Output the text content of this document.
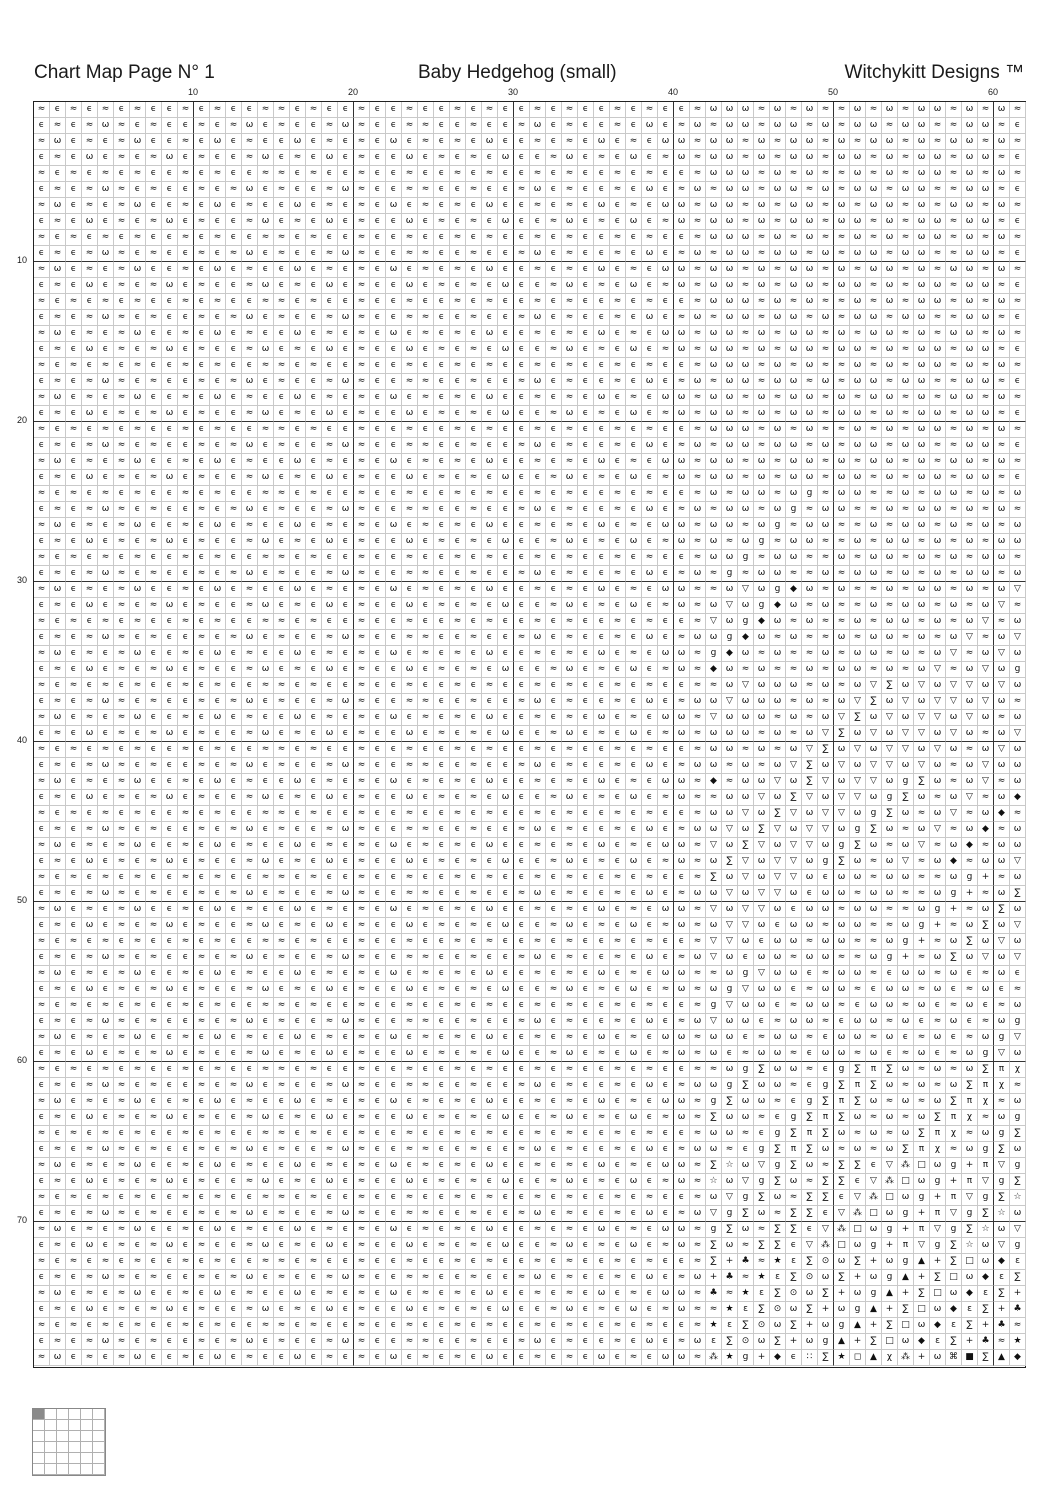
Chart Map Page N° 1	Baby Hedgehog (small)	Witchykitt Designs ™
10	20	30	40	50	60
10
20
30
40
50
60
70
≈	ϵ	≈	ϵ	≈	ϵ	≈	ϵ	ϵ	≈	ϵ	≈	ϵ	ϵ	≈ ≈	ϵ	≈	ϵ	ϵ	≈	ϵ	ϵ	≈	ϵ	ϵ	≈	ϵ	≈	ϵ	ϵ	≈	ϵ	≈	ϵ	ϵ	≈	ϵ	≈	ϵ	ϵ	≈ ω ω ω ≈ ω ≈ ω ≈ ≈ ω ≈ ω ≈ ω ω ≈ ω ≈ ω ≈
ϵ	≈	ϵ	≈ ω ≈	ϵ	≈	ϵ	ϵ	≈	ϵ	≈ ω	ϵ	≈	ϵ	ϵ	≈ ω ≈	ϵ	ϵ	≈ ≈	ϵ	ϵ	≈	ϵ	ϵ	≈ ω	ϵ	≈	ϵ	ϵ	≈	ϵ	ω	ϵ	≈ ω ≈ ω ω ≈ ω ω ≈ ω ≈ ω ω ≈ ω ω ≈ ≈ ω ω ≈	ϵ
≈ ω	ϵ	≈	ϵ	≈ ω	ϵ	ϵ	≈	ϵ	ω	ϵ	≈	ϵ	ϵ	ω	ϵ	≈	ϵ	≈	ϵ	ω	ϵ	≈	ϵ	≈	ϵ	ω	ϵ	ϵ	≈	ϵ	≈	ϵ	ω	ϵ	≈	ϵ	ω ω ≈ ω ω ≈ ω ≈ ω ω ≈ ω ≈ ω ω ≈ ω ≈ ω ω ≈ ω ≈
ϵ	≈	ϵ	ω	ϵ	≈	ϵ	≈ ω	ϵ	≈	ϵ	ϵ	≈ ω	ϵ	≈	ϵ	ω	ϵ	≈	ϵ	ϵ	ω	ϵ	≈	ϵ	≈	ϵ	ω	ϵ	ϵ	≈ ω	ϵ	≈	ϵ	ω	ϵ	≈ ω ≈ ω ω ≈ ω ≈ ω ω ≈ ω ω ≈ ω ≈ ω ω ≈ ω ω ≈	ϵ
≈	ϵ	≈	ϵ	≈	ϵ	≈	ϵ	ϵ	≈	ϵ	≈	ϵ	ϵ	≈ ≈	ϵ	≈	ϵ	ϵ	≈	ϵ	ϵ	≈	ϵ	ϵ	≈	ϵ	≈	ϵ	ϵ	≈	ϵ	≈	ϵ	ϵ	≈	ϵ	≈	ϵ	ϵ	≈ ω ω ω ≈ ω ≈ ω ≈ ≈ ω ≈ ω ≈ ω ω ≈ ω ≈ ω ≈
ϵ	≈	ϵ	≈ ω ≈	ϵ	≈	ϵ	ϵ	≈	ϵ	≈ ω	ϵ	≈	ϵ	ϵ	≈ ω ≈	ϵ	ϵ	≈ ≈	ϵ	ϵ	≈	ϵ	ϵ	≈ ω	ϵ	≈	ϵ	ϵ	≈	ϵ	ω	ϵ	≈ ω ≈ ω ω ≈ ω ω ≈ ω ≈ ω ω ≈ ω ω ≈ ≈ ω ω ≈	ϵ
≈ ω	ϵ	≈	ϵ	≈ ω	ϵ	ϵ	≈	ϵ	ω	ϵ	≈	ϵ	ϵ	ω	ϵ	≈	ϵ	≈	ϵ	ω	ϵ	≈	ϵ	≈	ϵ	ω	ϵ	ϵ	≈	ϵ	≈	ϵ	ω	ϵ	≈	ϵ	ω ω ≈ ω ω ≈ ω ≈ ω ω ≈ ω ≈ ω ω ≈ ω ≈ ω ω ≈ ω ≈
ϵ	≈	ϵ	ω	ϵ	≈	ϵ	≈ ω	ϵ	≈	ϵ	ϵ	≈ ω	ϵ	≈	ϵ	ω	ϵ	≈	ϵ	ϵ	ω	ϵ	≈	ϵ	≈	ϵ	ω	ϵ	ϵ	≈ ω	ϵ	≈	ϵ	ω	ϵ	≈ ω ≈ ω ω ≈ ω ≈ ω ω ≈ ω ω ≈ ω ≈ ω ω ≈ ω ω ≈	ϵ
≈	ϵ	≈	ϵ	≈	ϵ	≈	ϵ	ϵ	≈	ϵ	≈	ϵ	ϵ	≈ ≈	ϵ	≈	ϵ	ϵ	≈	ϵ	ϵ	≈	ϵ	ϵ	≈	ϵ	≈	ϵ	ϵ	≈	ϵ	≈	ϵ	ϵ	≈	ϵ	≈	ϵ	ϵ	≈ ω ω ω ≈ ω ≈ ω ≈ ≈ ω ≈ ω ≈ ω ω ≈ ω ≈ ω ≈
ϵ	≈	ϵ	≈ ω ≈	ϵ	≈	ϵ	ϵ	≈	ϵ	≈ ω	ϵ	≈	ϵ	ϵ	≈ ω ≈	ϵ	ϵ	≈ ≈	ϵ	ϵ	≈	ϵ	ϵ	≈ ω	ϵ	≈	ϵ	ϵ	≈	ϵ	ω	ϵ	≈ ω ≈ ω ω ≈ ω ω ≈ ω ≈ ω ω ≈ ω ω ≈ ≈ ω ω ≈	ϵ
≈ ω	ϵ	≈	ϵ	≈ ω	ϵ	ϵ	≈	ϵ	ω	ϵ	≈	ϵ	ϵ	ω	ϵ	≈	ϵ	≈	ϵ	ω	ϵ	≈	ϵ	≈	ϵ	ω	ϵ	ϵ	≈	ϵ	≈	ϵ	ω	ϵ	≈	ϵ	ω ω ≈ ω ω ≈ ω ≈ ω ω ≈ ω ≈ ω ω ≈ ω ≈ ω ω ≈ ω ≈
ϵ	≈	ϵ	ω	ϵ	≈	ϵ	≈ ω	ϵ	≈	ϵ	ϵ	≈ ω	ϵ	≈	ϵ	ω	ϵ	≈	ϵ	ϵ	ω	ϵ	≈	ϵ	≈	ϵ	ω	ϵ	ϵ	≈ ω	ϵ	≈	ϵ	ω	ϵ	≈ ω ≈ ω ω ≈ ω ≈ ω ω ≈ ω ω ≈ ω ≈ ω ω ≈ ω ω ≈	ϵ
≈	ϵ	≈	ϵ	≈	ϵ	≈	ϵ	ϵ	≈	ϵ	≈	ϵ	ϵ	≈ ≈	ϵ	≈	ϵ	ϵ	≈	ϵ	ϵ	≈	ϵ	ϵ	≈	ϵ	≈	ϵ	ϵ	≈	ϵ	≈	ϵ	ϵ	≈	ϵ	≈	ϵ	ϵ	≈ ω ω ω ≈ ω ≈ ω ≈ ≈ ω ≈ ω ≈ ω ω ≈ ω ≈ ω ≈
ϵ	≈	ϵ	≈ ω ≈	ϵ	≈	ϵ	ϵ	≈	ϵ	≈ ω	ϵ	≈	ϵ	ϵ	≈ ω ≈	ϵ	ϵ	≈ ≈	ϵ	ϵ	≈	ϵ	ϵ	≈ ω	ϵ	≈	ϵ	ϵ	≈	ϵ	ω	ϵ	≈ ω ≈ ω ω ≈ ω ω ≈ ω ≈ ω ω ≈ ω ω ≈ ≈ ω ω ≈	ϵ
≈ ω	ϵ	≈	ϵ	≈ ω	ϵ	ϵ	≈	ϵ	ω	ϵ	≈	ϵ	ϵ	ω	ϵ	≈	ϵ	≈	ϵ	ω	ϵ	≈	ϵ	≈	ϵ	ω	ϵ	ϵ	≈	ϵ	≈	ϵ	ω	ϵ	≈	ϵ	ω ω ≈ ω ω ≈ ω ≈ ω ω ≈ ω ≈ ω ω ≈ ω ≈ ω ω ≈ ω ≈
ϵ	≈	ϵ	ω	ϵ	≈	ϵ	≈ ω	ϵ	≈	ϵ	ϵ	≈ ω	ϵ	≈	ϵ	ω	ϵ	≈	ϵ	ϵ	ω	ϵ	≈	ϵ	≈	ϵ	ω	ϵ	ϵ	≈ ω	ϵ	≈	ϵ	ω	ϵ	≈ ω ≈ ω ω ≈ ω ≈ ω ω ≈ ω ω ≈ ω ≈ ω ω ≈ ω ω ≈	ϵ
≈	ϵ	≈	ϵ	≈	ϵ	≈	ϵ	ϵ	≈	ϵ	≈	ϵ	ϵ	≈ ≈	ϵ	≈	ϵ	ϵ	≈	ϵ	ϵ	≈	ϵ	ϵ	≈	ϵ	≈	ϵ	ϵ	≈	ϵ	≈	ϵ	ϵ	≈	ϵ	≈	ϵ	ϵ	≈ ω ω ω ≈ ω ≈ ω ≈ ≈ ω ≈ ω ≈ ω ω ≈ ω ≈ ω ≈
ϵ	≈	ϵ	≈ ω ≈	ϵ	≈	ϵ	ϵ	≈	ϵ	≈ ω	ϵ	≈	ϵ	ϵ	≈ ω ≈	ϵ	ϵ	≈ ≈	ϵ	ϵ	≈	ϵ	ϵ	≈ ω	ϵ	≈	ϵ	ϵ	≈	ϵ	ω	ϵ	≈ ω ≈ ω ω ≈ ω ω ≈ ω ≈ ω ω ≈ ω ω ≈ ≈ ω ω ≈	ϵ
≈ ω	ϵ	≈	ϵ	≈ ω	ϵ	ϵ	≈	ϵ	ω	ϵ	≈	ϵ	ϵ	ω	ϵ	≈	ϵ	≈	ϵ	ω	ϵ	≈	ϵ	≈	ϵ	ω	ϵ	ϵ	≈	ϵ	≈	ϵ	ω	ϵ	≈	ϵ	ω ω ≈ ω ω ≈ ω ≈ ω ω ≈ ω ≈ ω ω ≈ ω ≈ ω ω ≈ ω ≈
ϵ	≈	ϵ	ω	ϵ	≈	ϵ	≈ ω	ϵ	≈	ϵ	ϵ	≈ ω	ϵ	≈	ϵ	ω	ϵ	≈	ϵ	ϵ	ω	ϵ	≈	ϵ	≈	ϵ	ω	ϵ	ϵ	≈ ω	ϵ	≈	ϵ	ω	ϵ	≈ ω ≈ ω ω ≈ ω ≈ ω ω ≈ ω ω ≈ ω ≈ ω ω ≈ ω ω ≈	ϵ
≈	ϵ	≈	ϵ	≈	ϵ	≈	ϵ	ϵ	≈	ϵ	≈	ϵ	ϵ	≈ ≈	ϵ	≈	ϵ	ϵ	≈	ϵ	ϵ	≈	ϵ	ϵ	≈	ϵ	≈	ϵ	ϵ	≈	ϵ	≈	ϵ	ϵ	≈	ϵ	≈	ϵ	ϵ	≈ ω ω ω ≈ ω ≈ ω ≈ ≈ ω ≈ ω ≈ ω ω ≈ ω ≈ ω ≈
ϵ	≈	ϵ	≈ ω ≈	ϵ	≈	ϵ	ϵ	≈	ϵ	≈ ω	ϵ	≈	ϵ	ϵ	≈ ω ≈	ϵ	ϵ	≈ ≈	ϵ	ϵ	≈	ϵ	ϵ	≈ ω	ϵ	≈	ϵ	ϵ	≈	ϵ	ω	ϵ	≈ ω ≈ ω ω ≈ ω ω ≈ ω ≈ ω ω ≈ ω ω ≈ ≈ ω ω ≈	ϵ
≈ ω	ϵ	≈	ϵ	≈ ω	ϵ	ϵ	≈	ϵ	ω	ϵ	≈	ϵ	ϵ	ω	ϵ	≈	ϵ	≈	ϵ	ω	ϵ	≈	ϵ	≈	ϵ	ω	ϵ	ϵ	≈	ϵ	≈	ϵ	ω	ϵ	≈	ϵ	ω ω ≈ ω ω ≈ ω ≈ ω ω ≈ ω ≈ ω ω ≈ ω ≈ ω ω ≈ ω ≈
ϵ	≈	ϵ	ω	ϵ	≈	ϵ	≈ ω	ϵ	≈	ϵ	ϵ	≈ ω	ϵ	≈	ϵ	ω	ϵ	≈	ϵ	ϵ	ω	ϵ	≈	ϵ	≈	ϵ	ω	ϵ	ϵ	≈ ω	ϵ	≈	ϵ	ω	ϵ	≈ ω ≈ ω ω ≈ ω ≈ ω ω ≈ ω ω ≈ ω ≈ ω ω ≈ ω ω ≈	ϵ
≈	ϵ	≈	ϵ	≈	ϵ	≈	ϵ	ϵ	≈	ϵ	≈	ϵ	ϵ	≈ ≈	ϵ	≈	ϵ	ϵ	≈	ϵ	ϵ	≈	ϵ	ϵ	≈	ϵ	≈	ϵ	ϵ	≈	ϵ	≈	ϵ	ϵ	≈	ϵ	≈	ϵ	ϵ	≈ ω ≈ ω ω ≈ ω	g	≈ ω ω ≈ ≈ ω ≈ ω ω ≈ ω ≈ ω
ϵ	≈	ϵ	≈ ω ≈	ϵ	≈	ϵ	ϵ	≈	ϵ	≈ ω	ϵ	≈	ϵ	ϵ	≈ ω ≈	ϵ	ϵ	≈ ≈	ϵ	ϵ	≈	ϵ	ϵ	≈ ω	ϵ	≈	ϵ	ϵ	≈	ϵ	ω	ϵ	≈ ω ≈ ω ω ≈ ω	g	≈ ω ω ≈ ≈ ω ≈ ω ω ≈ ω ≈ ω ≈
≈ ω	ϵ	≈	ϵ	≈ ω	ϵ	ϵ	≈	ϵ	ω	ϵ	≈	ϵ	ϵ	ω	ϵ	≈	ϵ	≈	ϵ	ω	ϵ	≈	ϵ	≈	ϵ	ω	ϵ	ϵ	≈	ϵ	≈	ϵ	ω	ϵ	≈	ϵ	ω ω ≈ ω ω ≈ ω	g	≈ ω ω ≈ ≈ ω ≈ ω ω ≈ ω ≈ ω ≈ ω
ϵ	≈	ϵ	ω	ϵ	≈	ϵ	≈ ω	ϵ	≈	ϵ	ϵ	≈ ω	ϵ	≈	ϵ	ω	ϵ	≈	ϵ	ϵ	ω	ϵ	≈	ϵ	≈	ϵ	ω	ϵ	ϵ	≈ ω	ϵ	≈	ϵ	ω	ϵ	≈ ω ≈ ω ≈ ω	g	≈ ω ω ≈ ≈ ω ≈ ω ω ≈ ω ≈ ω ≈ ω ω
≈	ϵ	≈	ϵ	≈	ϵ	≈	ϵ	ϵ	≈	ϵ	≈	ϵ	ϵ	≈ ≈	ϵ	≈	ϵ	ϵ	≈	ϵ	ϵ	≈	ϵ	ϵ	≈	ϵ	≈	ϵ	ϵ	≈	ϵ	≈	ϵ	ϵ	≈	ϵ	≈	ϵ	ϵ	≈ ω ω	g	≈ ω ω ≈ ≈ ω ≈ ω ω ≈ ω ≈ ω ≈ ω ω ≈
ϵ	≈	ϵ	≈ ω ≈	ϵ	≈	ϵ	ϵ	≈	ϵ	≈ ω	ϵ	≈	ϵ	ϵ	≈ ω ≈	ϵ	ϵ	≈ ≈	ϵ	ϵ	≈	ϵ	ϵ	≈ ω	ϵ	≈	ϵ	ϵ	≈	ϵ	ω	ϵ	≈ ω ≈	g	≈ ω ω ≈ ≈ ω ≈ ω ω ≈ ω ≈ ω ≈ ω ω ≈ ω
≈ ω	ϵ	≈	ϵ	≈ ω	ϵ	ϵ	≈	ϵ	ω	ϵ	≈	ϵ	ϵ	ω	ϵ	≈	ϵ	≈	ϵ	ω	ϵ	≈	ϵ	≈	ϵ	ω	ϵ	ϵ	≈	ϵ	≈	ϵ	ω	ϵ	≈	ϵ	ω ω ≈ ≈ ω ▽ ω	g	◆ ω ≈ ω ≈ ≈ ω ≈ ω ω ≈ ω ≈ ω ▽
ϵ	≈	ϵ	ω	ϵ	≈	ϵ	≈ ω	ϵ	≈	ϵ	ϵ	≈ ω	ϵ	≈	ϵ	ω	ϵ	≈	ϵ	ϵ	ω	ϵ	≈	ϵ	≈	ϵ	ω	ϵ	ϵ	≈ ω	ϵ	≈	ϵ	ω	ϵ	≈ ω ≈ ω ▽ ω	g	◆ ω ≈ ω ≈ ≈ ω ≈ ω ω ≈ ω ≈ ω ▽ ≈
≈	ϵ	≈	ϵ	≈	ϵ	≈	ϵ	ϵ	≈	ϵ	≈	ϵ	ϵ	≈ ≈	ϵ	≈	ϵ	ϵ	≈	ϵ	ϵ	≈	ϵ	ϵ	≈	ϵ	≈	ϵ	ϵ	≈	ϵ	≈	ϵ	ϵ	≈	ϵ	≈	ϵ	ϵ	≈ ▽ ω	g	◆ ω ≈ ω ≈ ≈ ω ≈ ω ω ≈ ω ≈ ω ▽ ≈ ω
ϵ	≈	ϵ	≈ ω ≈	ϵ	≈	ϵ	ϵ	≈	ϵ	≈ ω	ϵ	≈	ϵ	ϵ	≈ ω ≈	ϵ	ϵ	≈ ≈	ϵ	ϵ	≈	ϵ	ϵ	≈ ω	ϵ	≈	ϵ	ϵ	≈	ϵ	ω	ϵ	≈ ω ω	g	◆ ω ≈ ω ≈ ≈ ω ≈ ω ω ≈ ω ≈ ω ▽ ≈ ω ▽
≈ ω	ϵ	≈	ϵ	≈ ω	ϵ	ϵ	≈	ϵ	ω	ϵ	≈	ϵ	ϵ	ω	ϵ	≈	ϵ	≈	ϵ	ω	ϵ	≈	ϵ	≈	ϵ	ω	ϵ	ϵ	≈	ϵ	≈	ϵ	ω	ϵ	≈	ϵ	ω ω ≈	g	◆ ω ≈ ω ≈ ≈ ω ≈ ω ω ≈ ω ≈ ω ▽ ≈ ω ▽ ω
ϵ	≈	ϵ	ω	ϵ	≈	ϵ	≈ ω	ϵ	≈	ϵ	ϵ	≈ ω	ϵ	≈	ϵ	ω	ϵ	≈	ϵ	ϵ	ω	ϵ	≈	ϵ	≈	ϵ	ω	ϵ	ϵ	≈ ω	ϵ	≈	ϵ	ω	ϵ	≈ ω ≈ ◆ ω ≈ ω ≈ ≈ ω ≈ ω ω ≈ ω ≈ ω ▽ ≈ ω ▽ ω	g
≈	ϵ	≈	ϵ	≈	ϵ	≈	ϵ	ϵ	≈	ϵ	≈	ϵ	ϵ	≈ ≈	ϵ	≈	ϵ	ϵ	≈	ϵ	ϵ	≈	ϵ	ϵ	≈	ϵ	≈	ϵ	ϵ	≈	ϵ	≈	ϵ	ϵ	≈	ϵ	≈	ϵ	ϵ	≈ ≈ ω ▽ ω ω ω ≈ ω ≈ ω ▽	∑	ω ▽ ω ▽	▽ ω ▽ ω
ϵ	≈	ϵ	≈ ω ≈	ϵ	≈	ϵ	ϵ	≈	ϵ	≈ ω	ϵ	≈	ϵ	ϵ	≈ ω ≈	ϵ	ϵ	≈ ≈	ϵ	ϵ	≈	ϵ	ϵ	≈ ω	ϵ	≈	ϵ	ϵ	≈	ϵ	ω	ϵ	≈ ω ω ▽ ω ω ω ≈ ω ≈ ω ▽	∑	ω ▽ ω ▽	▽ ω ▽ ω ≈
≈ ω	ϵ	≈	ϵ	≈ ω	ϵ	ϵ	≈	ϵ	ω	ϵ	≈	ϵ	ϵ	ω	ϵ	≈	ϵ	≈	ϵ	ω	ϵ	≈	ϵ	≈	ϵ	ω	ϵ	ϵ	≈	ϵ	≈	ϵ	ω	ϵ	≈	ϵ	ω ω ≈ ▽ ω ω ω ≈ ω ≈ ω ▽	∑	ω ▽ ω ▽	▽ ω ▽ ω ≈ ω
ϵ	≈	ϵ	ω	ϵ	≈	ϵ	≈ ω	ϵ	≈	ϵ	ϵ	≈ ω	ϵ	≈	ϵ	ω	ϵ	≈	ϵ	ϵ	ω	ϵ	≈	ϵ	≈	ϵ	ω	ϵ	ϵ	≈ ω	ϵ	≈	ϵ	ω	ϵ	≈ ω ≈ ω ω ω ≈ ω ≈ ω ▽	∑	ω ▽ ω ▽	▽ ω ▽ ω ≈ ω ▽
≈	ϵ	≈	ϵ	≈	ϵ	≈	ϵ	ϵ	≈	ϵ	≈	ϵ	ϵ	≈ ≈	ϵ	≈	ϵ	ϵ	≈	ϵ	ϵ	≈	ϵ	ϵ	≈	ϵ	≈	ϵ	ϵ	≈	ϵ	≈	ϵ	ϵ	≈	ϵ	≈	ϵ	ϵ	≈ ω ω ≈ ω ≈ ω ▽	∑	ω ▽ ω ▽	▽ ω ▽ ω ≈ ω ▽ ω
ϵ	≈	ϵ	≈ ω ≈	ϵ	≈	ϵ	ϵ	≈	ϵ	≈ ω	ϵ	≈	ϵ	ϵ	≈ ω ≈	ϵ	ϵ	≈ ≈	ϵ	ϵ	≈	ϵ	ϵ	≈ ω	ϵ	≈	ϵ	ϵ	≈	ϵ	ω	ϵ	≈ ω ω ≈ ω ≈ ω ▽	∑	ω ▽ ω ▽	▽ ω ▽ ω ≈ ω ▽ ω ω
≈ ω	ϵ	≈	ϵ	≈ ω	ϵ	ϵ	≈	ϵ	ω	ϵ	≈	ϵ	ϵ	ω	ϵ	≈	ϵ	≈	ϵ	ω	ϵ	≈	ϵ	≈	ϵ	ω	ϵ	ϵ	≈	ϵ	≈	ϵ	ω	ϵ	≈	ϵ	ω ω ≈ ◆ ≈ ω ω ▽ ω	∑	▽ ω ▽	▽ ω	g	∑	ω ≈ ω ▽ ≈ ω
ϵ	≈	ϵ	ω	ϵ	≈	ϵ	≈ ω	ϵ	≈	ϵ	ϵ	≈ ω	ϵ	≈	ϵ	ω	ϵ	≈	ϵ	ϵ	ω	ϵ	≈	ϵ	≈	ϵ	ω	ϵ	ϵ	≈ ω	ϵ	≈	ϵ	ω	ϵ	≈ ω ≈ ≈ ω ω ▽ ω	∑	▽ ω ▽	▽ ω	g	∑	ω ≈ ω ▽ ≈ ω ◆
≈	ϵ	≈	ϵ	≈	ϵ	≈	ϵ	ϵ	≈	ϵ	≈	ϵ	ϵ	≈ ≈	ϵ	≈	ϵ	ϵ	≈	ϵ	ϵ	≈	ϵ	ϵ	≈	ϵ	≈	ϵ	ϵ	≈	ϵ	≈	ϵ	ϵ	≈	ϵ	≈	ϵ	ϵ	≈ ω ω ▽ ω	∑	▽ ω ▽	▽ ω	g	∑	ω ≈ ω ▽ ≈ ω ◆ ≈
ϵ	≈	ϵ	≈ ω ≈	ϵ	≈	ϵ	ϵ	≈	ϵ	≈ ω	ϵ	≈	ϵ	ϵ	≈ ω ≈	ϵ	ϵ	≈ ≈	ϵ	ϵ	≈	ϵ	ϵ	≈ ω	ϵ	≈	ϵ	ϵ	≈	ϵ	ω	ϵ	≈ ω ω ▽ ω	∑	▽ ω ▽	▽ ω	g	∑	ω ≈ ω ▽ ≈ ω ◆ ≈ ω
≈ ω	ϵ	≈	ϵ	≈ ω	ϵ	ϵ	≈	ϵ	ω	ϵ	≈	ϵ	ϵ	ω	ϵ	≈	ϵ	≈	ϵ	ω	ϵ	≈	ϵ	≈	ϵ	ω	ϵ	ϵ	≈	ϵ	≈	ϵ	ω	ϵ	≈	ϵ	ω ω ≈ ▽ ω	∑	▽ ω ▽	▽ ω	g	∑	ω ≈ ω ▽ ≈ ω ◆ ≈ ω ω
ϵ	≈	ϵ	ω	ϵ	≈	ϵ	≈ ω	ϵ	≈	ϵ	ϵ	≈ ω	ϵ	≈	ϵ	ω	ϵ	≈	ϵ	ϵ	ω	ϵ	≈	ϵ	≈	ϵ	ω	ϵ	ϵ	≈ ω	ϵ	≈	ϵ	ω	ϵ	≈ ω ≈ ω	∑	▽ ω ▽	▽ ω	g	∑	ω ≈ ω ▽ ≈ ω ◆ ≈ ω ω ▽
≈	ϵ	≈	ϵ	≈	ϵ	≈	ϵ	ϵ	≈	ϵ	≈	ϵ	ϵ	≈ ≈	ϵ	≈	ϵ	ϵ	≈	ϵ	ϵ	≈	ϵ	ϵ	≈	ϵ	≈	ϵ	ϵ	≈	ϵ	≈	ϵ	ϵ	≈	ϵ	≈	ϵ	ϵ	≈	∑	ω ▽ ω ▽	▽ ω	ϵ	ω ω ≈ ω ω ≈ ≈ ω	g	+ ≈ ω
ϵ	≈	ϵ	≈ ω ≈	ϵ	≈	ϵ	ϵ	≈	ϵ	≈ ω	ϵ	≈	ϵ	ϵ	≈ ω ≈	ϵ	ϵ	≈ ≈	ϵ	ϵ	≈	ϵ	ϵ	≈ ω	ϵ	≈	ϵ	ϵ	≈	ϵ	ω	ϵ	≈ ω ω ▽ ω ▽	▽ ω	ϵ	ω ω ≈ ω ω ≈ ≈ ω	g	+ ≈ ω	∑
≈ ω	ϵ	≈	ϵ	≈ ω	ϵ	ϵ	≈	ϵ	ω	ϵ	≈	ϵ	ϵ	ω	ϵ	≈	ϵ	≈	ϵ	ω	ϵ	≈	ϵ	≈	ϵ	ω	ϵ	ϵ	≈	ϵ	≈	ϵ	ω	ϵ	≈	ϵ	ω ω ≈ ▽ ω ▽	▽ ω	ϵ	ω ω ≈ ω ω ≈ ≈ ω	g	+ ≈ ω	∑	ω
ϵ	≈	ϵ	ω	ϵ	≈	ϵ	≈ ω	ϵ	≈	ϵ	ϵ	≈ ω	ϵ	≈	ϵ	ω	ϵ	≈	ϵ	ϵ	ω	ϵ	≈	ϵ	≈	ϵ	ω	ϵ	ϵ	≈ ω	ϵ	≈	ϵ	ω	ϵ	≈ ω ≈ ω ▽	▽ ω	ϵ	ω ω ≈ ω ω ≈ ≈ ω	g	+ ≈ ω	∑	ω ▽
≈	ϵ	≈	ϵ	≈	ϵ	≈	ϵ	ϵ	≈	ϵ	≈	ϵ	ϵ	≈ ≈	ϵ	≈	ϵ	ϵ	≈	ϵ	ϵ	≈	ϵ	ϵ	≈	ϵ	≈	ϵ	ϵ	≈	ϵ	≈	ϵ	ϵ	≈	ϵ	≈	ϵ	ϵ	≈ ▽	▽ ω	ϵ	ω ω ≈ ω ω ≈ ≈ ω	g	+ ≈ ω	∑	ω ▽ ω
ϵ	≈	ϵ	≈ ω ≈	ϵ	≈	ϵ	ϵ	≈	ϵ	≈ ω	ϵ	≈	ϵ	ϵ	≈ ω ≈	ϵ	ϵ	≈ ≈	ϵ	ϵ	≈	ϵ	ϵ	≈ ω	ϵ	≈	ϵ	ϵ	≈	ϵ	ω	ϵ	≈ ω ▽ ω	ϵ	ω ω ≈ ω ω ≈ ≈ ω	g	+ ≈ ω	∑	ω ▽ ω ▽
≈ ω	ϵ	≈	ϵ	≈ ω	ϵ	ϵ	≈	ϵ	ω	ϵ	≈	ϵ	ϵ	ω	ϵ	≈	ϵ	≈	ϵ	ω	ϵ	≈	ϵ	≈	ϵ	ω	ϵ	ϵ	≈	ϵ	≈	ϵ	ω	ϵ	≈	ϵ	ω ω ≈ ≈ ω	g	▽ ω ω	ϵ	≈ ω ω ≈	ϵ	ω ω ≈ ω	ϵ	≈ ω	ϵ
ϵ	≈	ϵ	ω	ϵ	≈	ϵ	≈ ω	ϵ	≈	ϵ	ϵ	≈ ω	ϵ	≈	ϵ	ω	ϵ	≈	ϵ	ϵ	ω	ϵ	≈	ϵ	≈	ϵ	ω	ϵ	ϵ	≈ ω	ϵ	≈	ϵ	ω	ϵ	≈ ω ≈ ω	g	▽ ω ω	ϵ	≈ ω ω ≈	ϵ	ω ω ≈ ω	ϵ	≈ ω	ϵ	≈
≈	ϵ	≈	ϵ	≈	ϵ	≈	ϵ	ϵ	≈	ϵ	≈	ϵ	ϵ	≈ ≈	ϵ	≈	ϵ	ϵ	≈	ϵ	ϵ	≈	ϵ	ϵ	≈	ϵ	≈	ϵ	ϵ	≈	ϵ	≈	ϵ	ϵ	≈	ϵ	≈	ϵ	ϵ	≈	g	▽ ω ω	ϵ	≈ ω ω ≈	ϵ	ω ω ≈ ω	ϵ	≈ ω	ϵ	≈ ω
ϵ	≈	ϵ	≈ ω ≈	ϵ	≈	ϵ	ϵ	≈	ϵ	≈ ω	ϵ	≈	ϵ	ϵ	≈ ω ≈	ϵ	ϵ	≈ ≈	ϵ	ϵ	≈	ϵ	ϵ	≈ ω	ϵ	≈	ϵ	ϵ	≈	ϵ	ω	ϵ	≈ ω ▽ ω ω	ϵ	≈ ω ω ≈	ϵ	ω ω ≈ ω	ϵ	≈ ω	ϵ	≈ ω	g
≈ ω	ϵ	≈	ϵ	≈ ω	ϵ	ϵ	≈	ϵ	ω	ϵ	≈	ϵ	ϵ	ω	ϵ	≈	ϵ	≈	ϵ	ω	ϵ	≈	ϵ	≈	ϵ	ω	ϵ	ϵ	≈	ϵ	≈	ϵ	ω	ϵ	≈	ϵ	ω ω ≈ ω ω	ϵ	≈ ω ω ≈	ϵ	ω ω ≈ ω	ϵ	≈ ω	ϵ	≈ ω	g	▽
ϵ	≈	ϵ	ω	ϵ	≈	ϵ	≈ ω	ϵ	≈	ϵ	ϵ	≈ ω	ϵ	≈	ϵ	ω	ϵ	≈	ϵ	ϵ	ω	ϵ	≈	ϵ	≈	ϵ	ω	ϵ	ϵ	≈ ω	ϵ	≈	ϵ	ω	ϵ	≈ ω ≈ ω	ϵ	≈ ω ω ≈	ϵ	ω ω ≈ ω	ϵ	≈ ω	ϵ	≈ ω	g	▽ ω
≈	ϵ	≈	ϵ	≈	ϵ	≈	ϵ	ϵ	≈	ϵ	≈	ϵ	ϵ	≈ ≈	ϵ	≈	ϵ	ϵ	≈	ϵ	ϵ	≈	ϵ	ϵ	≈	ϵ	≈	ϵ	ϵ	≈	ϵ	≈	ϵ	ϵ	≈	ϵ	≈	ϵ	ϵ	≈ ≈ ω	g	∑	ω ω ≈	ϵ	g	∑	π	∑	ω ≈ ω ≈ ω	∑	π	χ
ϵ	≈	ϵ	≈ ω ≈	ϵ	≈	ϵ	ϵ	≈	ϵ	≈ ω	ϵ	≈	ϵ	ϵ	≈ ω ≈	ϵ	ϵ	≈ ≈	ϵ	ϵ	≈	ϵ	ϵ	≈ ω	ϵ	≈	ϵ	ϵ	≈	ϵ	ω	ϵ	≈ ω ω	g	∑	ω ω ≈	ϵ	g	∑	π	∑	ω ≈ ω ≈ ω	∑	π	χ	≈
≈ ω	ϵ	≈	ϵ	≈ ω	ϵ	ϵ	≈	ϵ	ω	ϵ	≈	ϵ	ϵ	ω	ϵ	≈	ϵ	≈	ϵ	ω	ϵ	≈	ϵ	≈	ϵ	ω	ϵ	ϵ	≈	ϵ	≈	ϵ	ω	ϵ	≈	ϵ	ω ω ≈	g	∑	ω ω ≈	ϵ	g	∑	π	∑	ω ≈ ω ≈ ω	∑	π	χ	≈ ω
ϵ	≈	ϵ	ω	ϵ	≈	ϵ	≈ ω	ϵ	≈	ϵ	ϵ	≈ ω	ϵ	≈	ϵ	ω	ϵ	≈	ϵ	ϵ	ω	ϵ	≈	ϵ	≈	ϵ	ω	ϵ	ϵ	≈ ω	ϵ	≈	ϵ	ω	ϵ	≈ ω ≈	∑	ω ω ≈	ϵ	g	∑	π	∑	ω ≈ ω ≈ ω	∑	π	χ	≈ ω	g
≈	ϵ	≈	ϵ	≈	ϵ	≈	ϵ	ϵ	≈	ϵ	≈	ϵ	ϵ	≈ ≈	ϵ	≈	ϵ	ϵ	≈	ϵ	ϵ	≈	ϵ	ϵ	≈	ϵ	≈	ϵ	ϵ	≈	ϵ	≈	ϵ	ϵ	≈	ϵ	≈	ϵ	ϵ	≈ ω ω ≈	ϵ	g	∑	π	∑	ω ≈ ω ≈ ω	∑	π	χ	≈ ω	g	∑
ϵ	≈	ϵ	≈ ω ≈	ϵ	≈	ϵ	ϵ	≈	ϵ	≈ ω	ϵ	≈	ϵ	ϵ	≈ ω ≈	ϵ	ϵ	≈ ≈	ϵ	ϵ	≈	ϵ	ϵ	≈ ω	ϵ	≈	ϵ	ϵ	≈	ϵ	ω	ϵ	≈ ω ω ≈	ϵ	g	∑	π	∑	ω ≈ ω ≈ ω	∑	π	χ	≈ ω	g	∑	ω
≈ ω	ϵ	≈	ϵ	≈ ω	ϵ	ϵ	≈	ϵ	ω	ϵ	≈	ϵ	ϵ	ω	ϵ	≈	ϵ	≈	ϵ	ω	ϵ	≈	ϵ	≈	ϵ	ω	ϵ	ϵ	≈	ϵ	≈	ϵ	ω	ϵ	≈	ϵ	ω ω ≈	∑ ☆ ω ▽	g	∑	ω ≈	∑	∑	ϵ	▽ ⁂ □ ω	g	+	π	▽	g
ϵ	≈	ϵ	ω	ϵ	≈	ϵ	≈ ω	ϵ	≈	ϵ	ϵ	≈ ω	ϵ	≈	ϵ	ω	ϵ	≈	ϵ	ϵ	ω	ϵ	≈	ϵ	≈	ϵ	ω	ϵ	ϵ	≈ ω	ϵ	≈	ϵ	ω	ϵ	≈ ω ≈ ☆ ω ▽	g	∑	ω ≈	∑	∑	ϵ	▽ ⁂ □ ω	g	+	π	▽	g	∑
≈	ϵ	≈	ϵ	≈	ϵ	≈	ϵ	ϵ	≈	ϵ	≈	ϵ	ϵ	≈ ≈	ϵ	≈	ϵ	ϵ	≈	ϵ	ϵ	≈	ϵ	ϵ	≈	ϵ	≈	ϵ	ϵ	≈	ϵ	≈	ϵ	ϵ	≈	ϵ	≈	ϵ	ϵ	≈ ω ▽	g	∑	ω ≈	∑	∑	ϵ	▽ ⁂ □ ω	g	+	π	▽	g	∑ ☆
ϵ	≈	ϵ	≈ ω ≈	ϵ	≈	ϵ	ϵ	≈	ϵ	≈ ω	ϵ	≈	ϵ	ϵ	≈ ω ≈	ϵ	ϵ	≈ ≈	ϵ	ϵ	≈	ϵ	ϵ	≈ ω	ϵ	≈	ϵ	ϵ	≈	ϵ	ω	ϵ	≈ ω ▽	g	∑	ω ≈	∑	∑	ϵ	▽ ⁂ □ ω	g	+	π	▽	g	∑ ☆ ω
≈ ω	ϵ	≈	ϵ	≈ ω	ϵ	ϵ	≈	ϵ	ω	ϵ	≈	ϵ	ϵ	ω	ϵ	≈	ϵ	≈	ϵ	ω	ϵ	≈	ϵ	≈	ϵ	ω	ϵ	ϵ	≈	ϵ	≈	ϵ	ω	ϵ	≈	ϵ	ω ω ≈	g	∑	ω ≈	∑	∑	ϵ	▽ ⁂ □ ω	g	+	π	▽	g	∑ ☆ ω ▽
ϵ	≈	ϵ	ω	ϵ	≈	ϵ	≈ ω	ϵ	≈	ϵ	ϵ	≈ ω	ϵ	≈	ϵ	ω	ϵ	≈	ϵ	ϵ	ω	ϵ	≈	ϵ	≈	ϵ	ω	ϵ	ϵ	≈ ω	ϵ	≈	ϵ	ω	ϵ	≈ ω ≈	∑	ω ≈	∑	∑	ϵ	▽ ⁂ □ ω	g	+	π	▽	g	∑ ☆ ω ▽	g
≈	ϵ	≈	ϵ	≈	ϵ	≈	ϵ	ϵ	≈	ϵ	≈	ϵ	ϵ	≈ ≈	ϵ	≈	ϵ	ϵ	≈	ϵ	ϵ	≈	ϵ	ϵ	≈	ϵ	≈	ϵ	ϵ	≈	ϵ	≈	ϵ	ϵ	≈	ϵ	≈	ϵ	ϵ	≈	∑	+ ♣ ≈ ★	ε	∑	⊙ ω	∑	+ ω	g	▲ +	∑ □ ω ◆	ε
ϵ	≈	ϵ	≈ ω ≈	ϵ	≈	ϵ	ϵ	≈	ϵ	≈ ω	ϵ	≈	ϵ	ϵ	≈ ω ≈	ϵ	ϵ	≈ ≈	ϵ	ϵ	≈	ϵ	ϵ	≈ ω	ϵ	≈	ϵ	ϵ	≈	ϵ	ω	ϵ	≈ ω + ♣ ≈ ★	ε	∑	⊙ ω	∑	+ ω	g	▲ +	∑ □ ω ◆	ε	∑
≈ ω	ϵ	≈	ϵ	≈ ω	ϵ	ϵ	≈	ϵ	ω	ϵ	≈	ϵ	ϵ	ω	ϵ	≈	ϵ	≈	ϵ	ω	ϵ	≈	ϵ	≈	ϵ	ω	ϵ	ϵ	≈	ϵ	≈	ϵ	ω	ϵ	≈	ϵ	ω ω ≈ ♣ ≈ ★	ε	∑	⊙ ω	∑	+ ω	g	▲ +	∑ □ ω ◆	ε	∑	+
ϵ	≈	ϵ	ω	ϵ	≈	ϵ	≈ ω	ϵ	≈	ϵ	ϵ	≈ ω	ϵ	≈	ϵ	ω	ϵ	≈	ϵ	ϵ	ω	ϵ	≈	ϵ	≈	ϵ	ω	ϵ	ϵ	≈ ω	ϵ	≈	ϵ	ω	ϵ	≈ ω ≈ ≈ ★	ε	∑	⊙ ω	∑	+ ω	g	▲ +	∑ □ ω ◆	ε	∑	+ ♣
≈	ϵ	≈	ϵ	≈	ϵ	≈	ϵ	ϵ	≈	ϵ	≈	ϵ	ϵ	≈ ≈	ϵ	≈	ϵ	ϵ	≈	ϵ	ϵ	≈	ϵ	ϵ	≈	ϵ	≈	ϵ	ϵ	≈	ϵ	≈	ϵ	ϵ	≈	ϵ	≈	ϵ	ϵ	≈ ★	ε	∑	⊙ ω	∑	+ ω	g	▲ +	∑ □ ω ◆	ε	∑	+ ♣ ≈
ϵ	≈	ϵ	≈ ω ≈	ϵ	≈	ϵ	ϵ	≈	ϵ	≈ ω	ϵ	≈	ϵ	ϵ	≈ ω ≈	ϵ	ϵ	≈ ≈	ϵ	ϵ	≈	ϵ	ϵ	≈ ω	ϵ	≈	ϵ	ϵ	≈	ϵ	ω	ϵ	≈ ω	ε	∑	⊙ ω	∑	+ ω	g	▲ +	∑ □ ω ◆	ε	∑	+ ♣ ≈ ★
≈ ω	ϵ	≈	ϵ	≈ ω	ϵ	ϵ	≈	ϵ	ω	ϵ	≈	ϵ	ϵ	ω	ϵ	≈	ϵ	≈	ϵ	ω	ϵ	≈	ϵ	≈	ϵ	ω	ϵ	ϵ	≈	ϵ	≈	ϵ	ω	ϵ	≈	ϵ	ω ω ≈ ⁂ ★	g	+ ◆	ϵ	∷	∑ ★ ◻ ▲	χ ⁂ + ω ⌘ ■ ∑	▲	◆
